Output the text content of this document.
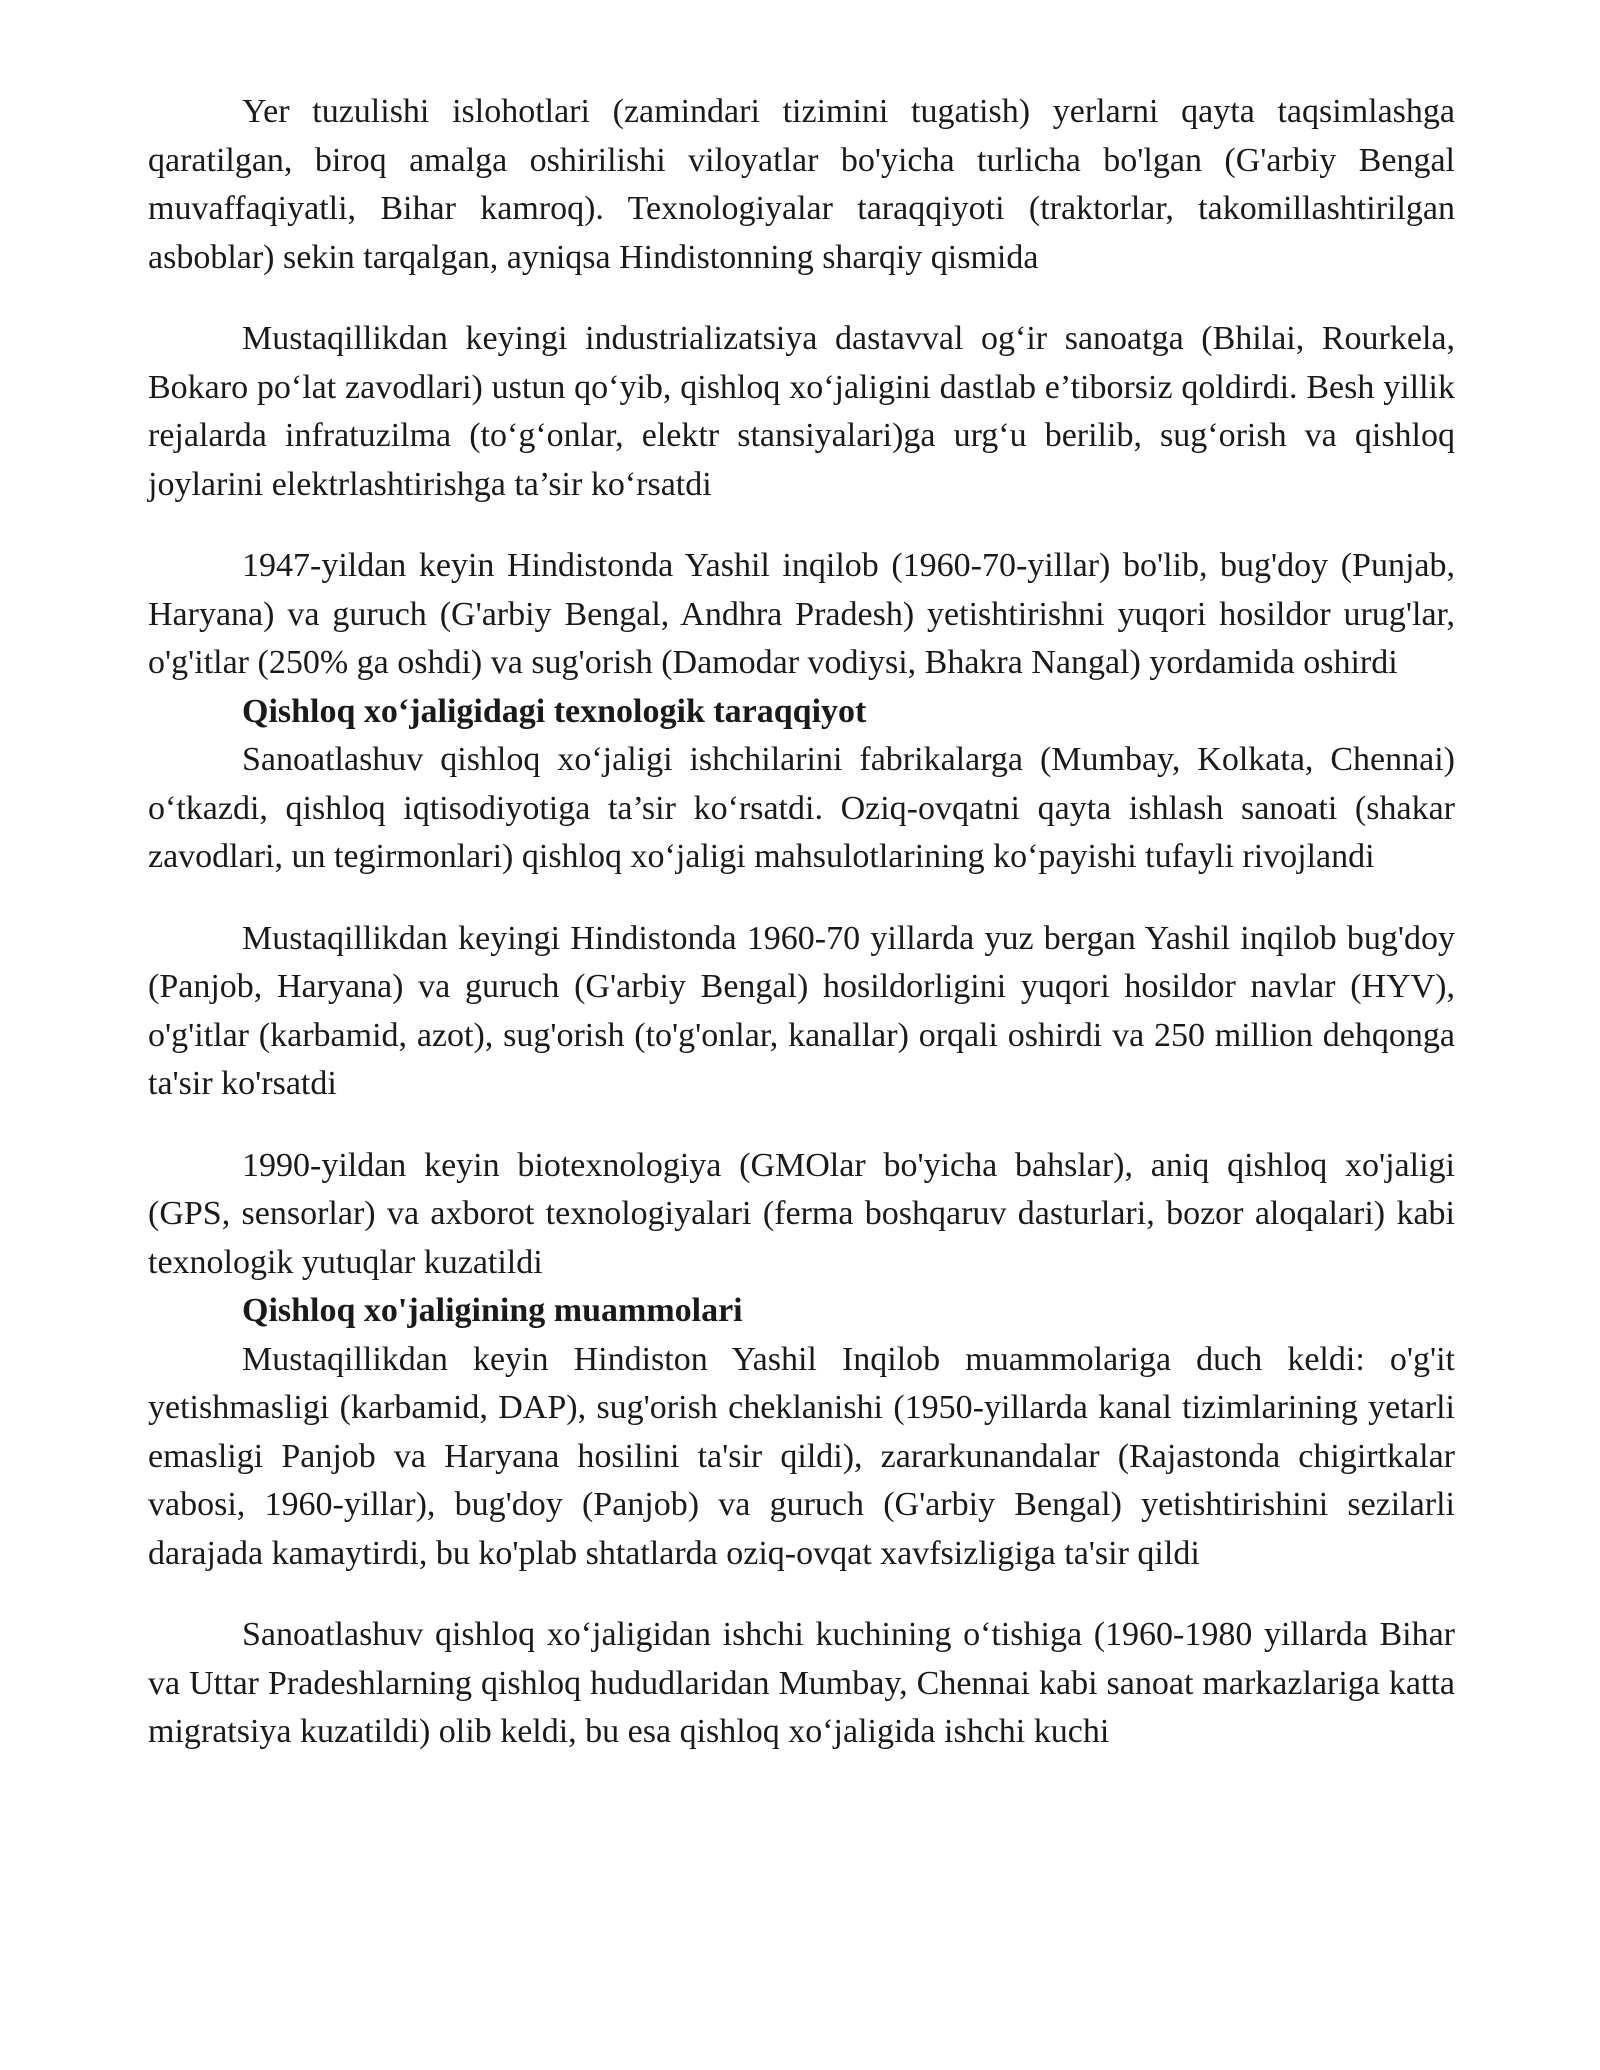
Yer tuzulishi islohotlari (zamindari tizimini tugatish) yerlarni qayta taqsimlashga qaratilgan, biroq amalga oshirilishi viloyatlar bo'yicha turlicha bo'lgan (G'arbiy Bengal muvaffaqiyatli, Bihar kamroq). Texnologiyalar taraqqiyoti (traktorlar, takomillashtirilgan asboblar) sekin tarqalgan, ayniqsa Hindistonning sharqiy qismida

Mustaqillikdan keyingi industrializatsiya dastavval og‘ir sanoatga (Bhilai, Rourkela, Bokaro po‘lat zavodlari) ustun qo‘yib, qishloq xo‘jaligini dastlab e’tiborsiz qoldirdi. Besh yillik rejalarda infratuzilma (to‘g‘onlar, elektr stansiyalari)ga urg‘u berilib, sug‘orish va qishloq joylarini elektrlashtirishga ta’sir ko‘rsatdi

1947-yildan keyin Hindistonda Yashil inqilob (1960-70-yillar) bo'lib, bug'doy (Punjab, Haryana) va guruch (G'arbiy Bengal, Andhra Pradesh) yetishtirishni yuqori hosildor urug'lar, o'g'itlar (250% ga oshdi) va sug'orish (Damodar vodiysi, Bhakra Nangal) yordamida oshirdi

Qishloq xo‘jaligidagi texnologik taraqqiyot

Sanoatlashuv qishloq xo‘jaligi ishchilarini fabrikalarga (Mumbay, Kolkata, Chennai) o‘tkazdi, qishloq iqtisodiyotiga ta’sir ko‘rsatdi. Oziq-ovqatni qayta ishlash sanoati (shakar zavodlari, un tegirmonlari) qishloq xo‘jaligi mahsulotlarining ko‘payishi tufayli rivojlandi

Mustaqillikdan keyingi Hindistonda 1960-70 yillarda yuz bergan Yashil inqilob bug'doy (Panjob, Haryana) va guruch (G'arbiy Bengal) hosildorligini yuqori hosildor navlar (HYV), o'g'itlar (karbamid, azot), sug'orish (to'g'onlar, kanallar) orqali oshirdi va 250 million dehqonga ta'sir ko'rsatdi

1990-yildan keyin biotexnologiya (GMOlar bo'yicha bahslar), aniq qishloq xo'jaligi (GPS, sensorlar) va axborot texnologiyalari (ferma boshqaruv dasturlari, bozor aloqalari) kabi texnologik yutuqlar kuzatildi

Qishloq xo'jaligining muammolari

Mustaqillikdan keyin Hindiston Yashil Inqilob muammolariga duch keldi: o'g'it yetishmasligi (karbamid, DAP), sug'orish cheklanishi (1950-yillarda kanal tizimlarining yetarli emasligi Panjob va Haryana hosilini ta'sir qildi), zararkunandalar (Rajastonda chigirtkalar vabosi, 1960-yillar), bug'doy (Panjob) va guruch (G'arbiy Bengal) yetishtirishini sezilarli darajada kamaytirdi, bu ko'plab shtatlarda oziq-ovqat xavfsizligiga ta'sir qildi

Sanoatlashuv qishloq xo‘jaligidan ishchi kuchining o‘tishiga (1960-1980 yillarda Bihar va Uttar Pradeshlarning qishloq hududlaridan Mumbay, Chennai kabi sanoat markazlariga katta migratsiya kuzatildi) olib keldi, bu esa qishloq xo‘jaligida ishchi kuchi
